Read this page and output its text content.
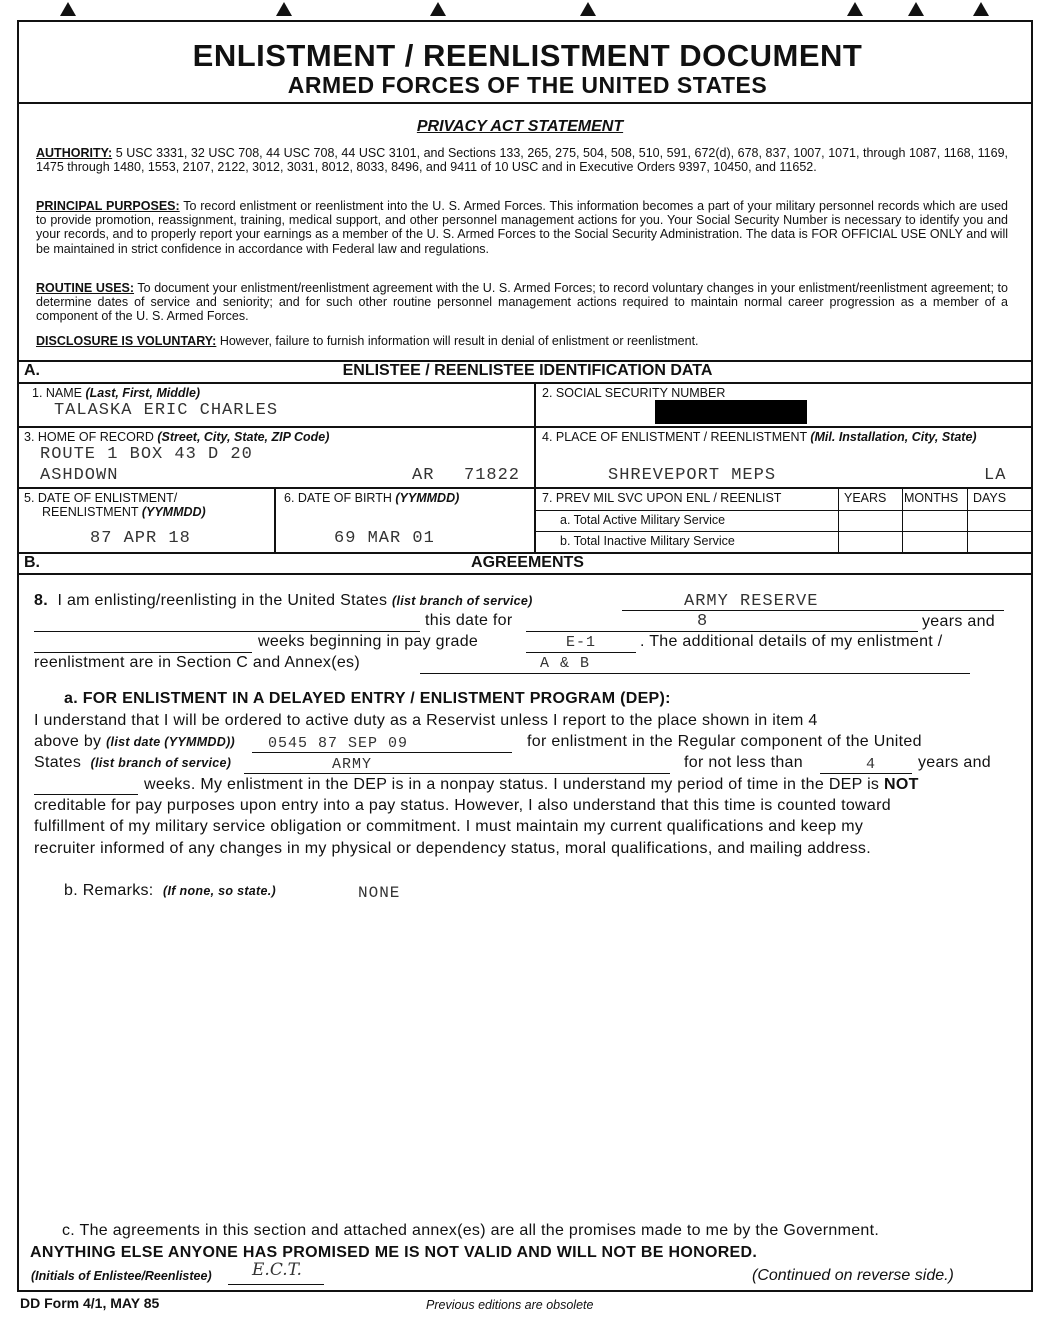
ENLISTMENT / REENLISTMENT DOCUMENT
ARMED FORCES OF THE UNITED STATES
PRIVACY ACT STATEMENT
AUTHORITY: 5 USC 3331, 32 USC 708, 44 USC 708, 44 USC 3101, and Sections 133, 265, 275, 504, 508, 510, 591, 672(d), 678, 837, 1007, 1071, through 1087, 1168, 1169, 1475 through 1480, 1553, 2107, 2122, 3012, 3031, 8012, 8033, 8496, and 9411 of 10 USC and in Executive Orders 9397, 10450, and 11652.
PRINCIPAL PURPOSES: To record enlistment or reenlistment into the U. S. Armed Forces. This information becomes a part of your military personnel records which are used to provide promotion, reassignment, training, medical support, and other personnel management actions for you. Your Social Security Number is necessary to identify you and your records, and to properly report your earnings as a member of the U. S. Armed Forces to the Social Security Administration. The data is FOR OFFICIAL USE ONLY and will be maintained in strict confidence in accordance with Federal law and regulations.
ROUTINE USES: To document your enlistment/reenlistment agreement with the U. S. Armed Forces; to record voluntary changes in your enlistment/reenlistment agreement; to determine dates of service and seniority; and for such other routine personnel management actions required to maintain normal career progression as a member of a component of the U. S. Armed Forces.
DISCLOSURE IS VOLUNTARY: However, failure to furnish information will result in denial of enlistment or reenlistment.
A.	ENLISTEE / REENLISTEE IDENTIFICATION DATA
1. NAME (Last, First, Middle)
TALASKA ERIC CHARLES
2. SOCIAL SECURITY NUMBER
3. HOME OF RECORD (Street, City, State, ZIP Code)
ROUTE 1 BOX 43 D 20
ASHDOWN	AR 71822
4. PLACE OF ENLISTMENT / REENLISTMENT (Mil. Installation, City, State)
SHREVEPORT MEPS	LA
5. DATE OF ENLISTMENT/
REENLISTMENT (YYMMDD)
87 APR 18
6. DATE OF BIRTH (YYMMDD)
69 MAR 01
7. PREV MIL SVC UPON ENL / REENLIST	YEARS MONTHS DAYS
a. Total Active Military Service
b. Total Inactive Military Service
B.	AGREEMENTS
8. I am enlisting/reenlisting in the United States (list branch of service)	ARMY RESERVE
this date for	8	years and
weeks beginning in pay grade	E-1	. The additional details of my enlistment /
reenlistment are in Section C and Annex(es)	A & B
a. FOR ENLISTMENT IN A DELAYED ENTRY / ENLISTMENT PROGRAM (DEP):
I understand that I will be ordered to active duty as a Reservist unless I report to the place shown in item 4
above by (list date (YYMMDD)) 0545 87 SEP 09	for enlistment in the Regular component of the United
States (list branch of service)	ARMY	for not less than	4	years and
weeks. My enlistment in the DEP is in a nonpay status. I understand my period of time in the DEP is NOT
creditable for pay purposes upon entry into a pay status. However, I also understand that this time is counted toward
fulfillment of my military service obligation or commitment. I must maintain my current qualifications and keep my
recruiter informed of any changes in my physical or dependency status, moral qualifications, and mailing address.
b. Remarks: (If none, so state.)	NONE
c. The agreements in this section and attached annex(es) are all the promises made to me by the Government.
ANYTHING ELSE ANYONE HAS PROMISED ME IS NOT VALID AND WILL NOT BE HONORED.
(Initials of Enlistee/Reenlistee) E.C.T.	(Continued on reverse side.)
DD Form 4/1, MAY 85	Previous editions are obsolete
